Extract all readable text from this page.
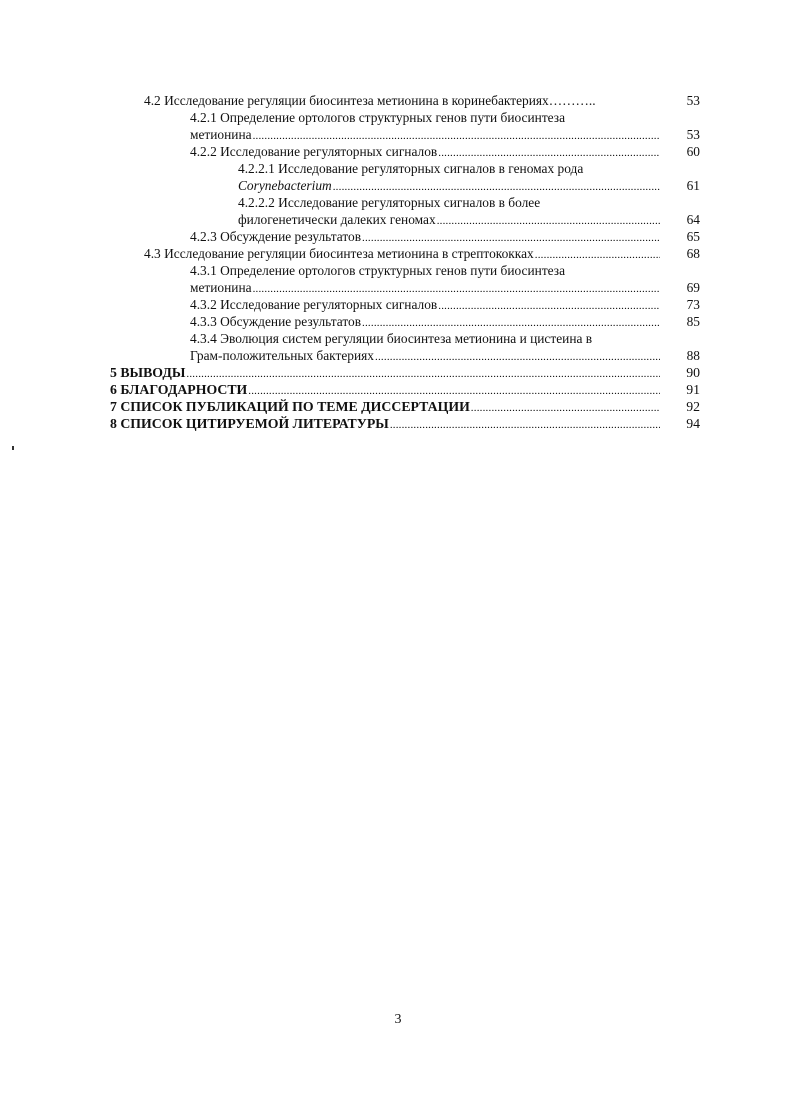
4.2 Исследование регуляции биосинтеза метионина в коринебактериях………..	53
4.2.1 Определение ортологов структурных генов пути биосинтеза
метионина .....	53
4.2.2 Исследование регуляторных сигналов .....	60
4.2.2.1 Исследование регуляторных сигналов в геномах рода
Corynebacterium .....	61
4.2.2.2 Исследование регуляторных сигналов в более
филогенетически далеких геномах .....	64
4.2.3 Обсуждение результатов .....	65
4.3 Исследование регуляции биосинтеза метионина в стрептококках .....	68
4.3.1 Определение ортологов структурных генов пути биосинтеза
метионина .....	69
4.3.2 Исследование регуляторных сигналов .....	73
4.3.3 Обсуждение результатов .....	85
4.3.4 Эволюция систем регуляции биосинтеза метионина и цистеина в
Грам-положительных бактериях .....	88
5 ВЫВОДЫ .....	90
6 БЛАГОДАРНОСТИ .....	91
7 СПИСОК ПУБЛИКАЦИЙ ПО ТЕМЕ ДИССЕРТАЦИИ .....	92
8 СПИСОК ЦИТИРУЕМОЙ ЛИТЕРАТУРЫ .....	94
3
